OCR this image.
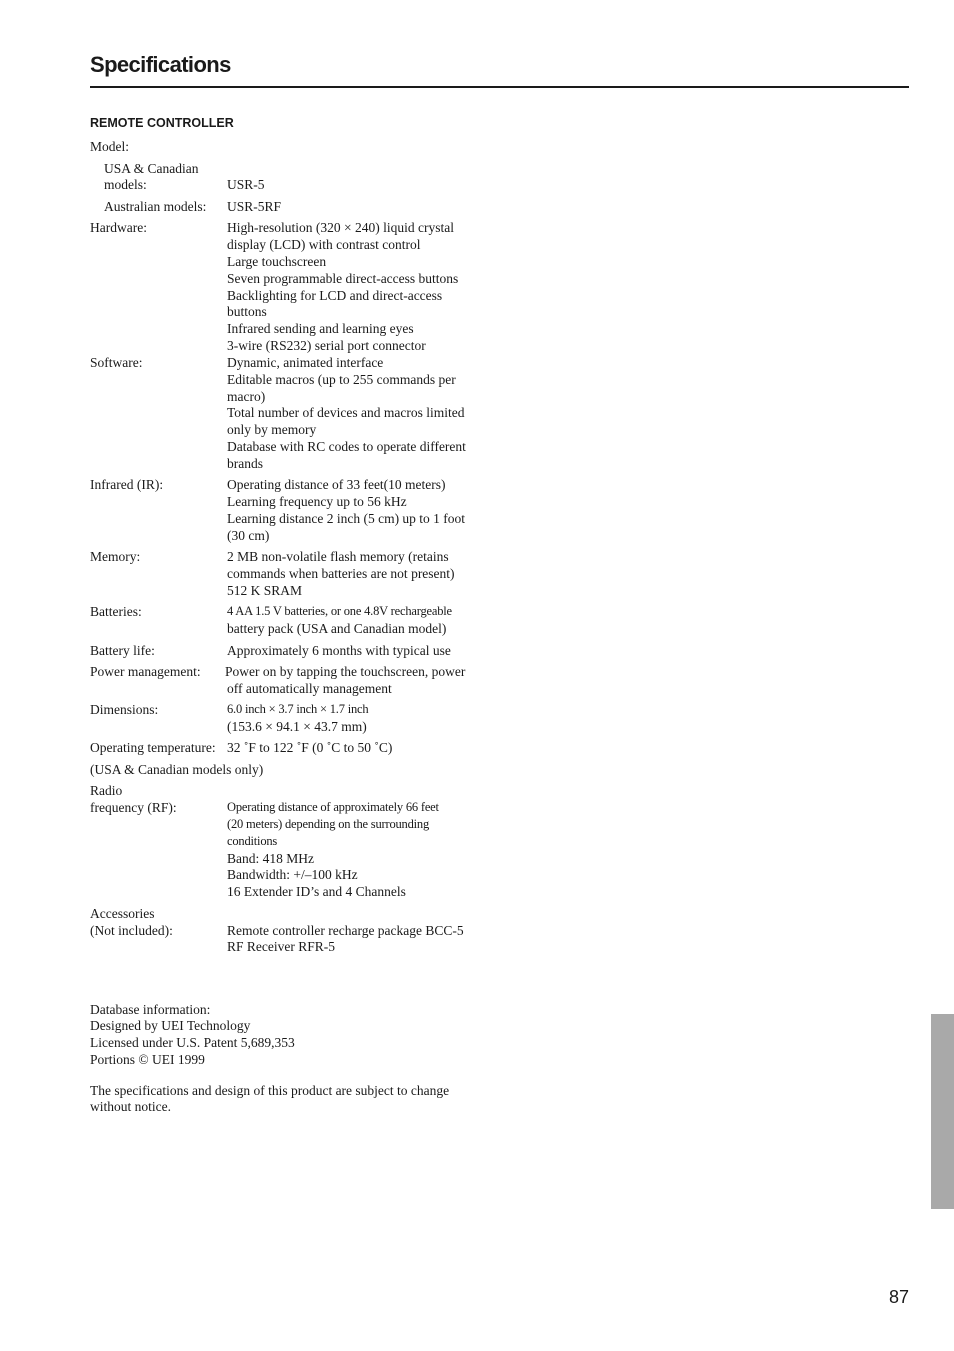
Specifications
REMOTE CONTROLLER
Model:
USA & Canadian
models:	USR-5
Australian models: USR-5RF
Hardware:	High-resolution (320 × 240) liquid crystal
display (LCD) with contrast control
Large touchscreen
Seven programmable direct-access buttons
Backlighting for LCD and direct-access
buttons
Infrared sending and learning eyes
3-wire (RS232) serial port connector
Software:	Dynamic, animated interface
Editable macros (up to 255 commands per
macro)
Total number of devices and macros limited
only by memory
Database with RC codes to operate different
brands
Infrared (IR):	Operating distance of 33 feet(10 meters)
Learning frequency up to 56 kHz
Learning distance 2 inch (5 cm) up to 1 foot
(30 cm)
Memory:	2 MB non-volatile flash memory (retains
commands when batteries are not present)
512 K SRAM
Batteries:	4 AA 1.5 V batteries, or one 4.8V rechargeable
battery pack (USA and Canadian model)
Battery life:	Approximately 6 months with typical use
Power management: Power on by tapping the touchscreen, power
off automatically management
Dimensions:	6.0 inch × 3.7 inch × 1.7 inch
(153.6 × 94.1 × 43.7 mm)
Operating temperature: 32 ˚F to 122 ˚F (0 ˚C to 50 ˚C)
(USA & Canadian models only)
Radio
frequency (RF):	Operating distance of approximately 66 feet
(20 meters) depending on the surrounding
conditions
Band: 418 MHz
Bandwidth: +/–100 kHz
16 Extender ID’s and 4 Channels
Accessories
(Not included):	Remote controller recharge package BCC-5
RF Receiver RFR-5
Database information:
Designed by UEI Technology
Licensed under U.S. Patent 5,689,353
Portions © UEI 1999
The specifications and design of this product are subject to change
without notice.
87
